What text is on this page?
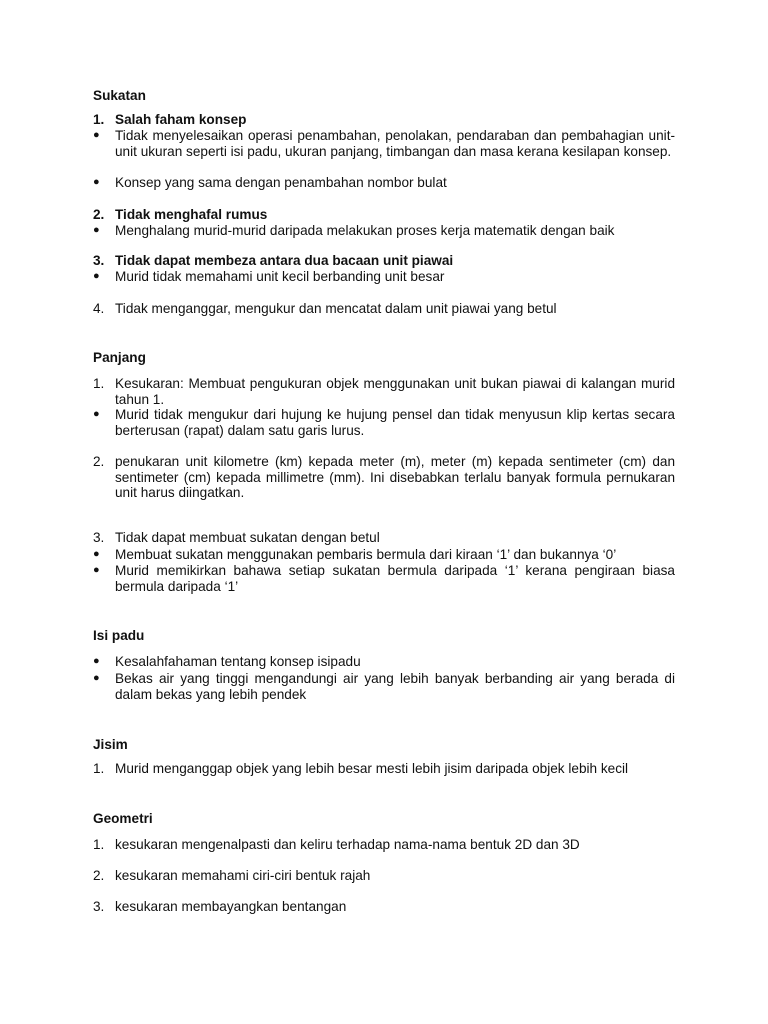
Sukatan
1. Salah faham konsep
● Tidak menyelesaikan operasi penambahan, penolakan, pendaraban dan pembahagian unit-unit ukuran seperti isi padu, ukuran panjang, timbangan dan masa kerana kesilapan konsep.
● Konsep yang sama dengan penambahan nombor bulat
2. Tidak menghafal rumus
● Menghalang murid-murid daripada melakukan proses kerja matematik dengan baik
3. Tidak dapat membeza antara dua bacaan unit piawai
● Murid tidak memahami unit kecil berbanding unit besar
4. Tidak menganggar, mengukur dan mencatat dalam unit piawai yang betul
Panjang
1. Kesukaran: Membuat pengukuran objek menggunakan unit bukan piawai di kalangan murid tahun 1.
● Murid tidak mengukur dari hujung ke hujung pensel dan tidak menyusun klip kertas secara berterusan (rapat) dalam satu garis lurus.
2. penukaran unit kilometre (km) kepada meter (m), meter (m) kepada sentimeter (cm) dan sentimeter (cm) kepada millimetre (mm). Ini disebabkan terlalu banyak formula pernukaran unit harus diingatkan.
3. Tidak dapat membuat sukatan dengan betul
● Membuat sukatan menggunakan pembaris bermula dari kiraan ‘1’ dan bukannya ‘0’
● Murid memikirkan bahawa setiap sukatan bermula daripada ‘1’ kerana pengiraan biasa bermula daripada ‘1’
Isi padu
● Kesalahfahaman tentang konsep isipadu
● Bekas air yang tinggi mengandungi air yang lebih banyak berbanding air yang berada di dalam bekas yang lebih pendek
Jisim
1. Murid menganggap objek yang lebih besar mesti lebih jisim daripada objek lebih kecil
Geometri
1. kesukaran mengenalpasti dan keliru terhadap nama-nama bentuk 2D dan 3D
2. kesukaran memahami ciri-ciri bentuk rajah
3. kesukaran membayangkan bentangan
